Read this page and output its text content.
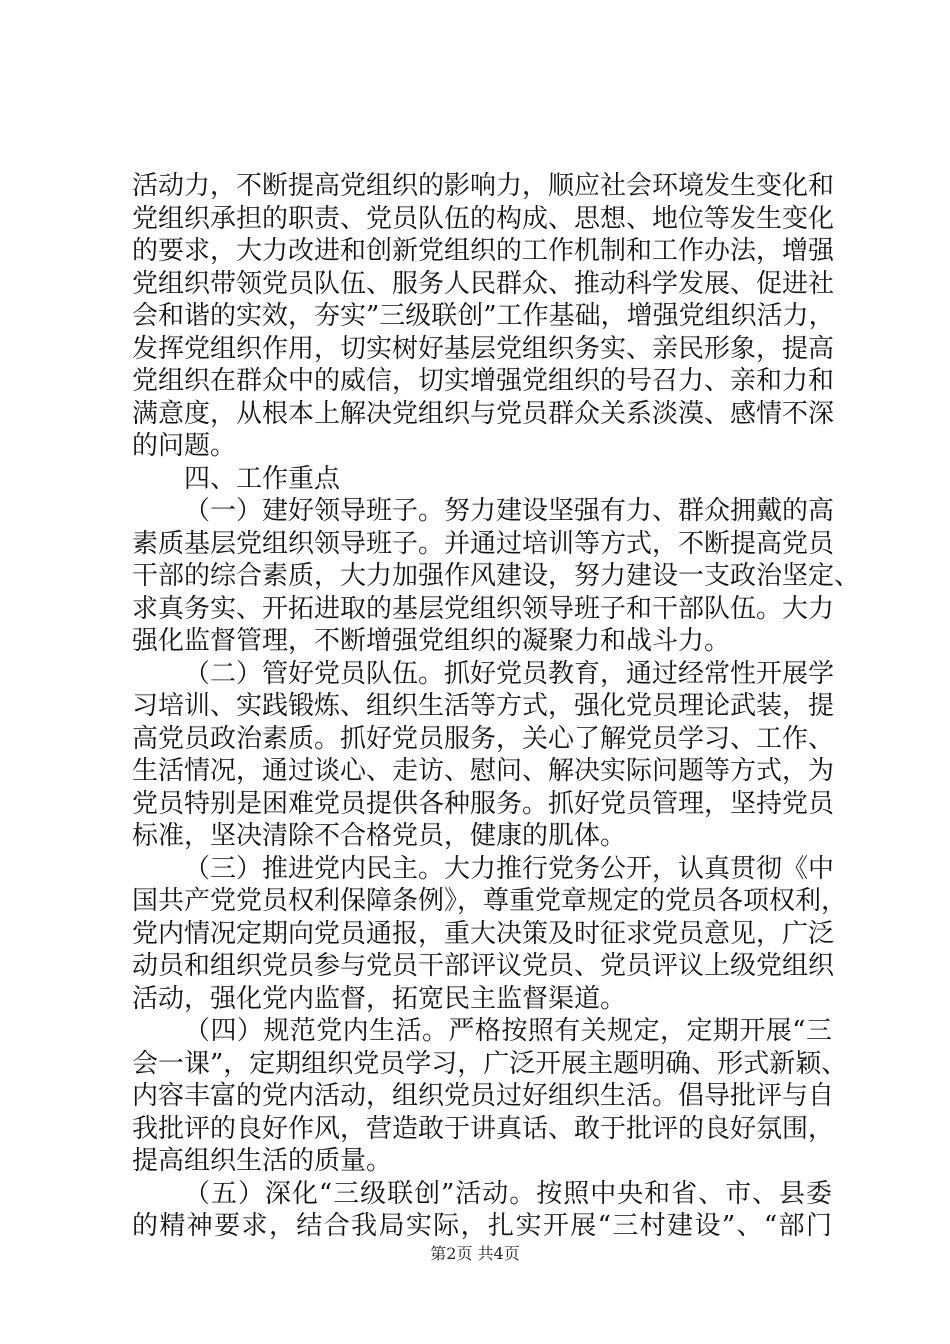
活动力，不断提高党组织的影响力，顺应社会环境发生变化和
党组织承担的职责、党员队伍的构成、思想、地位等发生变化
的要求，大力改进和创新党组织的工作机制和工作办法，增强
党组织带领党员队伍、服务人民群众、推动科学发展、促进社
会和谐的实效，夯实”三级联创”工作基础，增强党组织活力，
发挥党组织作用，切实树好基层党组织务实、亲民形象，提高
党组织在群众中的威信，切实增强党组织的号召力、亲和力和
满意度，从根本上解决党组织与党员群众关系淡漠、感情不深
的问题。
四、工作重点
（一）建好领导班子。努力建设坚强有力、群众拥戴的高
素质基层党组织领导班子。并通过培训等方式，不断提高党员
干部的综合素质，大力加强作风建设，努力建设一支政治坚定、
求真务实、开拓进取的基层党组织领导班子和干部队伍。大力
强化监督管理，不断增强党组织的凝聚力和战斗力。
（二）管好党员队伍。抓好党员教育，通过经常性开展学
习培训、实践锻炼、组织生活等方式，强化党员理论武装，提
高党员政治素质。抓好党员服务，关心了解党员学习、工作、
生活情况，通过谈心、走访、慰问、解决实际问题等方式，为
党员特别是困难党员提供各种服务。抓好党员管理，坚持党员
标准，坚决清除不合格党员，健康的肌体。
（三）推进党内民主。大力推行党务公开，认真贯彻《中
国共产党党员权利保障条例》，尊重党章规定的党员各项权利，
党内情况定期向党员通报，重大决策及时征求党员意见，广泛
动员和组织党员参与党员干部评议党员、党员评议上级党组织
活动，强化党内监督，拓宽民主监督渠道。
（四）规范党内生活。严格按照有关规定，定期开展“三
会一课”，定期组织党员学习，广泛开展主题明确、形式新颖、
内容丰富的党内活动，组织党员过好组织生活。倡导批评与自
我批评的良好作风，营造敢于讲真话、敢于批评的良好氛围，
提高组织生活的质量。
（五）深化“三级联创”活动。按照中央和省、市、县委
的精神要求，结合我局实际，扎实开展“三村建设”、“部门
第2页 共4页
